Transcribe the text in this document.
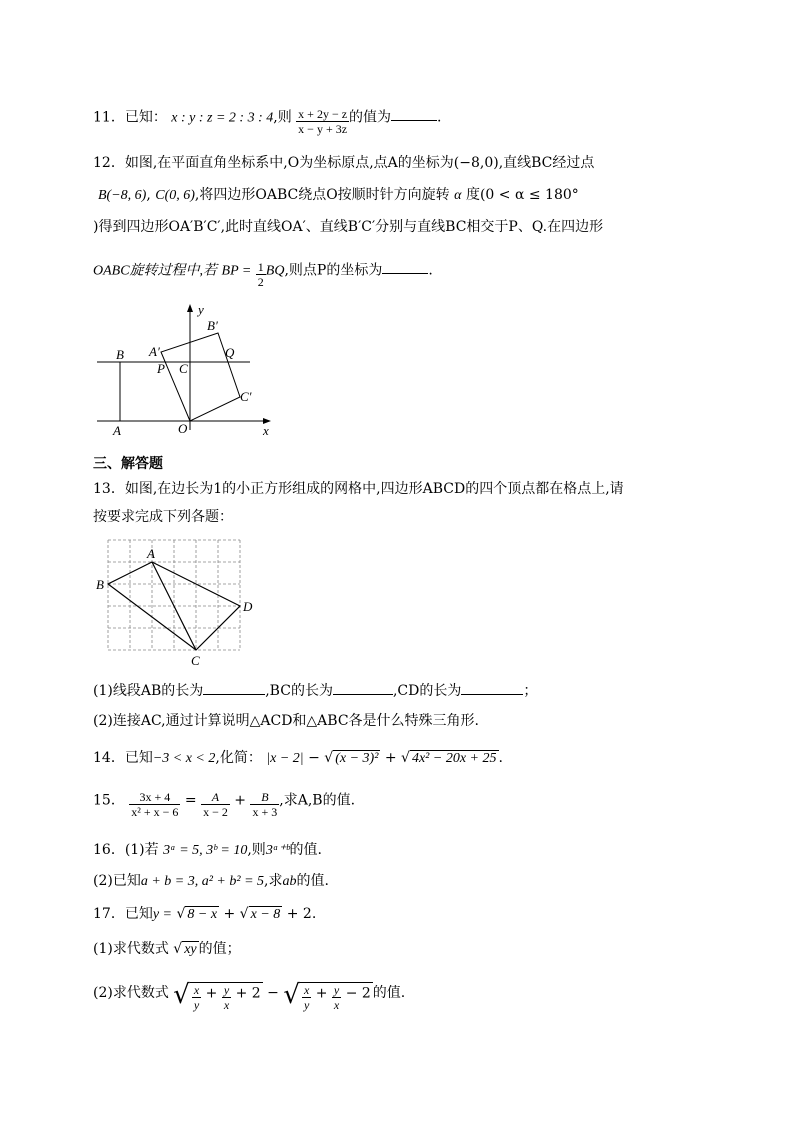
11．已知： x : y : z = 2 : 3 : 4,则 $\frac{x + 2y - z}{x - y + 3z}$ 的值为	.
12．如图,在平面直角坐标系中,O为坐标原点,点A的坐标为(−8,0),直线BC经过点
B(−8, 6), C(0, 6),将四边形OABC绕点O按顺时针方向旋转 α 度(0 < α ≤ 180°
)得到四边形OA′B′C′,此时直线OA′、直线B′C′分别与直线BC相交于P、Q.在四边形
OABC旋转过程中,若 BP = $\frac{1}{2}$ BQ,则点P的坐标为	.
y
x
B A′
B′
Q
P C
C′
A	O
三、解答题
13．如图,在边长为1的小正方形组成的网格中,四边形ABCD的四个顶点都在格点上,请
按要求完成下列各题：
A
B
C
D
(1)线段AB的长为	,BC的长为	,CD的长为	；
(2)连接AC,通过计算说明△ACD和△ABC各是什么特殊三角形.
14．已知−3 < x < 2,化简： |x − 2| − √ (x − 3)² + √ 4x² − 20x + 25 .
15． $\frac{3x + 4}{\text{x² + x − 6}} = \frac{A}{x - 2} + \frac{B}{x + 3}$ ,求A,B的值.
16．(1)若 3ᵃ = 5, 3ᵇ = 10,则3ᵃ⁺ᵇ的值.
(2)已知a + b = 3, a² + b² = 5,求ab的值.
17．已知y = √ 8 − x + √ x − 8 + 2.
(1)求代数式 √ xy 的值；
(2)求代数式 √ $\frac{x}{y} + \frac{y}{x} + 2$ − √ $\frac{x}{y} + \frac{y}{x} - 2$ 的值.
